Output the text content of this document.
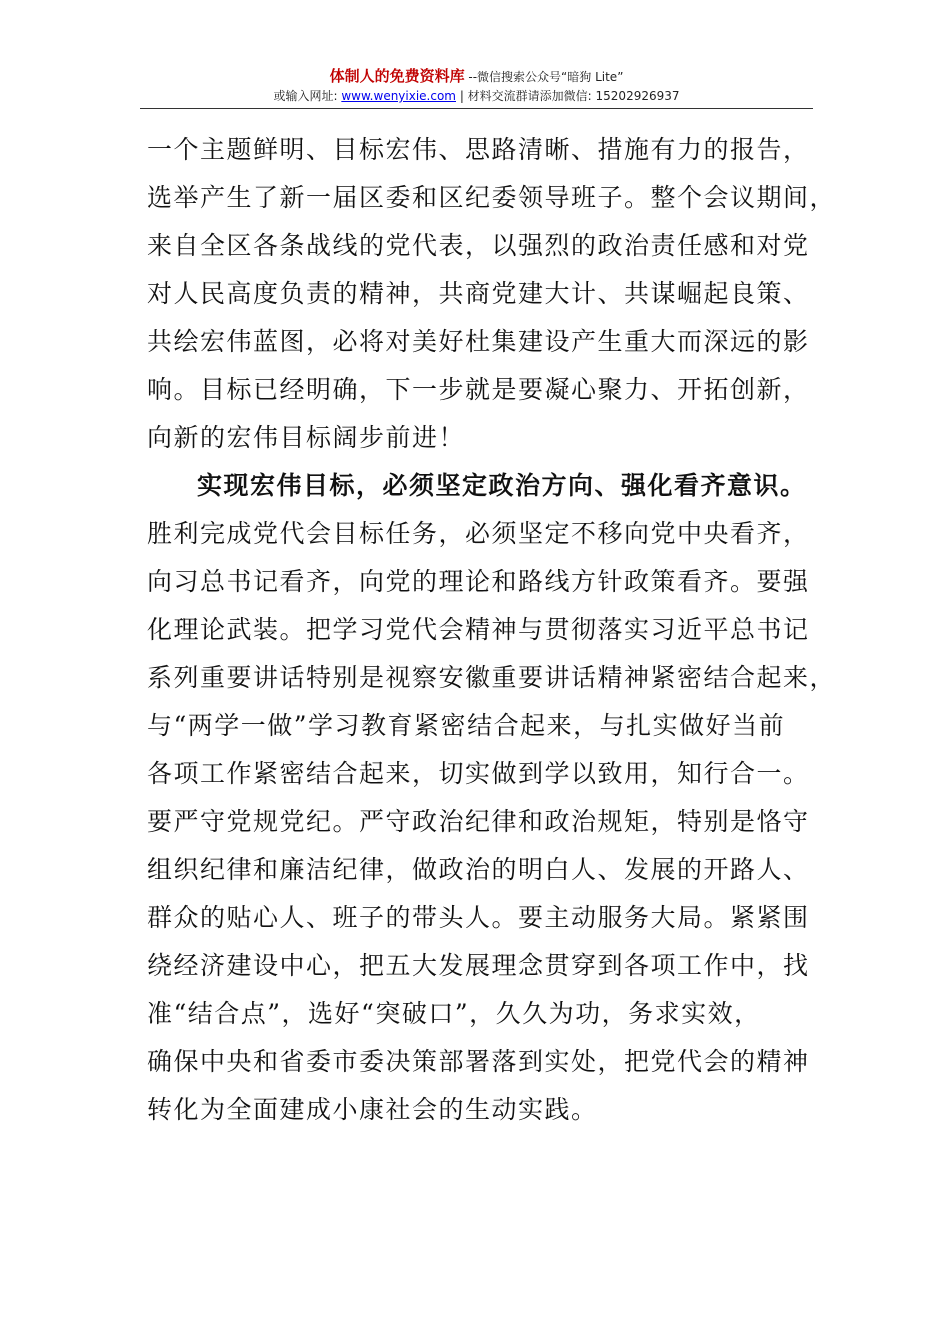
体制人的免费资料库 --微信搜索公众号“暗狗 Lite”
或输入网址: www.wenyixie.com | 材料交流群请添加微信: 15202926937
一个主题鲜明、目标宏伟、思路清晰、措施有力的报告，
选举产生了新一届区委和区纪委领导班子。整个会议期间，
来自全区各条战线的党代表，以强烈的政治责任感和对党
对人民高度负责的精神，共商党建大计、共谋崛起良策、
共绘宏伟蓝图，必将对美好杜集建设产生重大而深远的影
响。目标已经明确，下一步就是要凝心聚力、开拓创新，
向新的宏伟目标阔步前进！
实现宏伟目标，必须坚定政治方向、强化看齐意识。
胜利完成党代会目标任务，必须坚定不移向党中央看齐，
向习总书记看齐，向党的理论和路线方针政策看齐。要强
化理论武装。把学习党代会精神与贯彻落实习近平总书记
系列重要讲话特别是视察安徽重要讲话精神紧密结合起来，
与“两学一做”学习教育紧密结合起来，与扎实做好当前
各项工作紧密结合起来，切实做到学以致用，知行合一。
要严守党规党纪。严守政治纪律和政治规矩，特别是恪守
组织纪律和廉洁纪律，做政治的明白人、发展的开路人、
群众的贴心人、班子的带头人。要主动服务大局。紧紧围
绕经济建设中心，把五大发展理念贯穿到各项工作中，找
准“结合点”，选好“突破口”，久久为功，务求实效，
确保中央和省委市委决策部署落到实处，把党代会的精神
转化为全面建成小康社会的生动实践。
